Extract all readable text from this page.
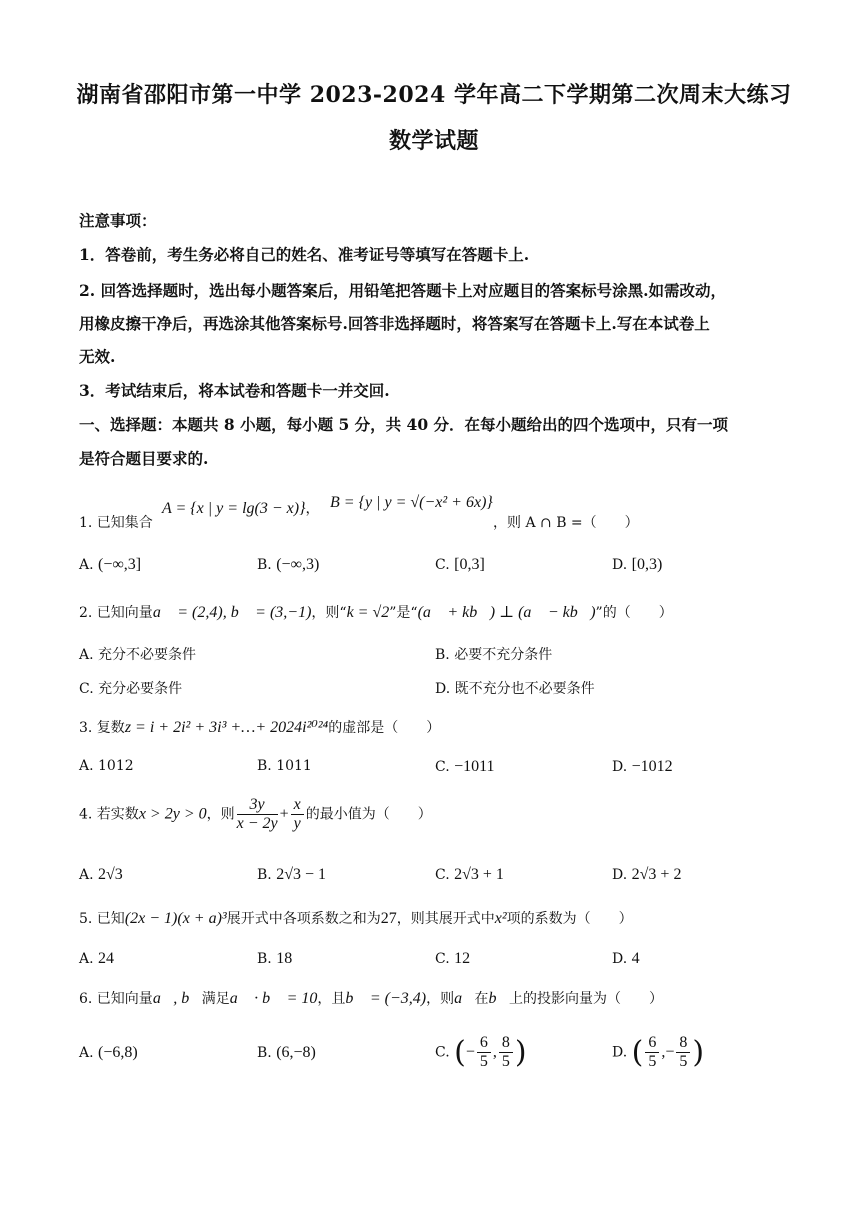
湖南省邵阳市第一中学 2023-2024 学年高二下学期第二次周末大练习
数学试题
注意事项：
1．答卷前，考生务必将自己的姓名、准考证号等填写在答题卡上.
2. 回答选择题时，选出每小题答案后，用铅笔把答题卡上对应题目的答案标号涂黑.如需改动，
用橡皮擦干净后，再选涂其他答案标号.回答非选择题时，将答案写在答题卡上.写在本试卷上
无效.
3．考试结束后，将本试卷和答题卡一并交回.
一、选择题：本题共 8 小题，每小题 5 分，共 40 分．在每小题给出的四个选项中，只有一项
是符合题目要求的.
1. 已知集合
A = {x | y = lg(3 − x)}， B = {y | y = √(−x² + 6x)}
，则 A ∩ B =（　　）
A. (−∞,3]	B. (−∞,3)	C. [0,3]	D. [0,3)
2. 已知向量a⃗ = (2,4), b⃗ = (3,−1)，则“k = √2”是“(a⃗ + kb⃗) ⊥ (a⃗ − kb⃗)”的（　　）
A. 充分不必要条件	B. 必要不充分条件
C. 充分必要条件	D. 既不充分也不必要条件
3. 复数z = i + 2i² + 3i³ +…+ 2024i²⁰²⁴的虚部是（　　）
A. 1012	B. 1011	C. −1011	D. −1012
4. 若实数x > 2y > 0，则 $\frac{3y}{x - 2y} + \frac{x}{y}$ 的最小值为（　　）
A. 2√3	B. 2√3 − 1	C. 2√3 + 1	D. 2√3 + 2
5. 已知(2x − 1)(x + a)³展开式中各项系数之和为27，则其展开式中x²项的系数为（　　）
A. 24	B. 18	C. 12	D. 4
6. 已知向量a⃗, b⃗满足a⃗ · b⃗ = 10，且b⃗ = (−3,4)，则a⃗在b⃗上的投影向量为（　　）
A. (−6,8)	B. (6,−8)	C. (− $\frac{6}{5}$ , $\frac{8}{5}$ )	D. ( $\frac{6}{5}$ ,− $\frac{8}{5}$ )
